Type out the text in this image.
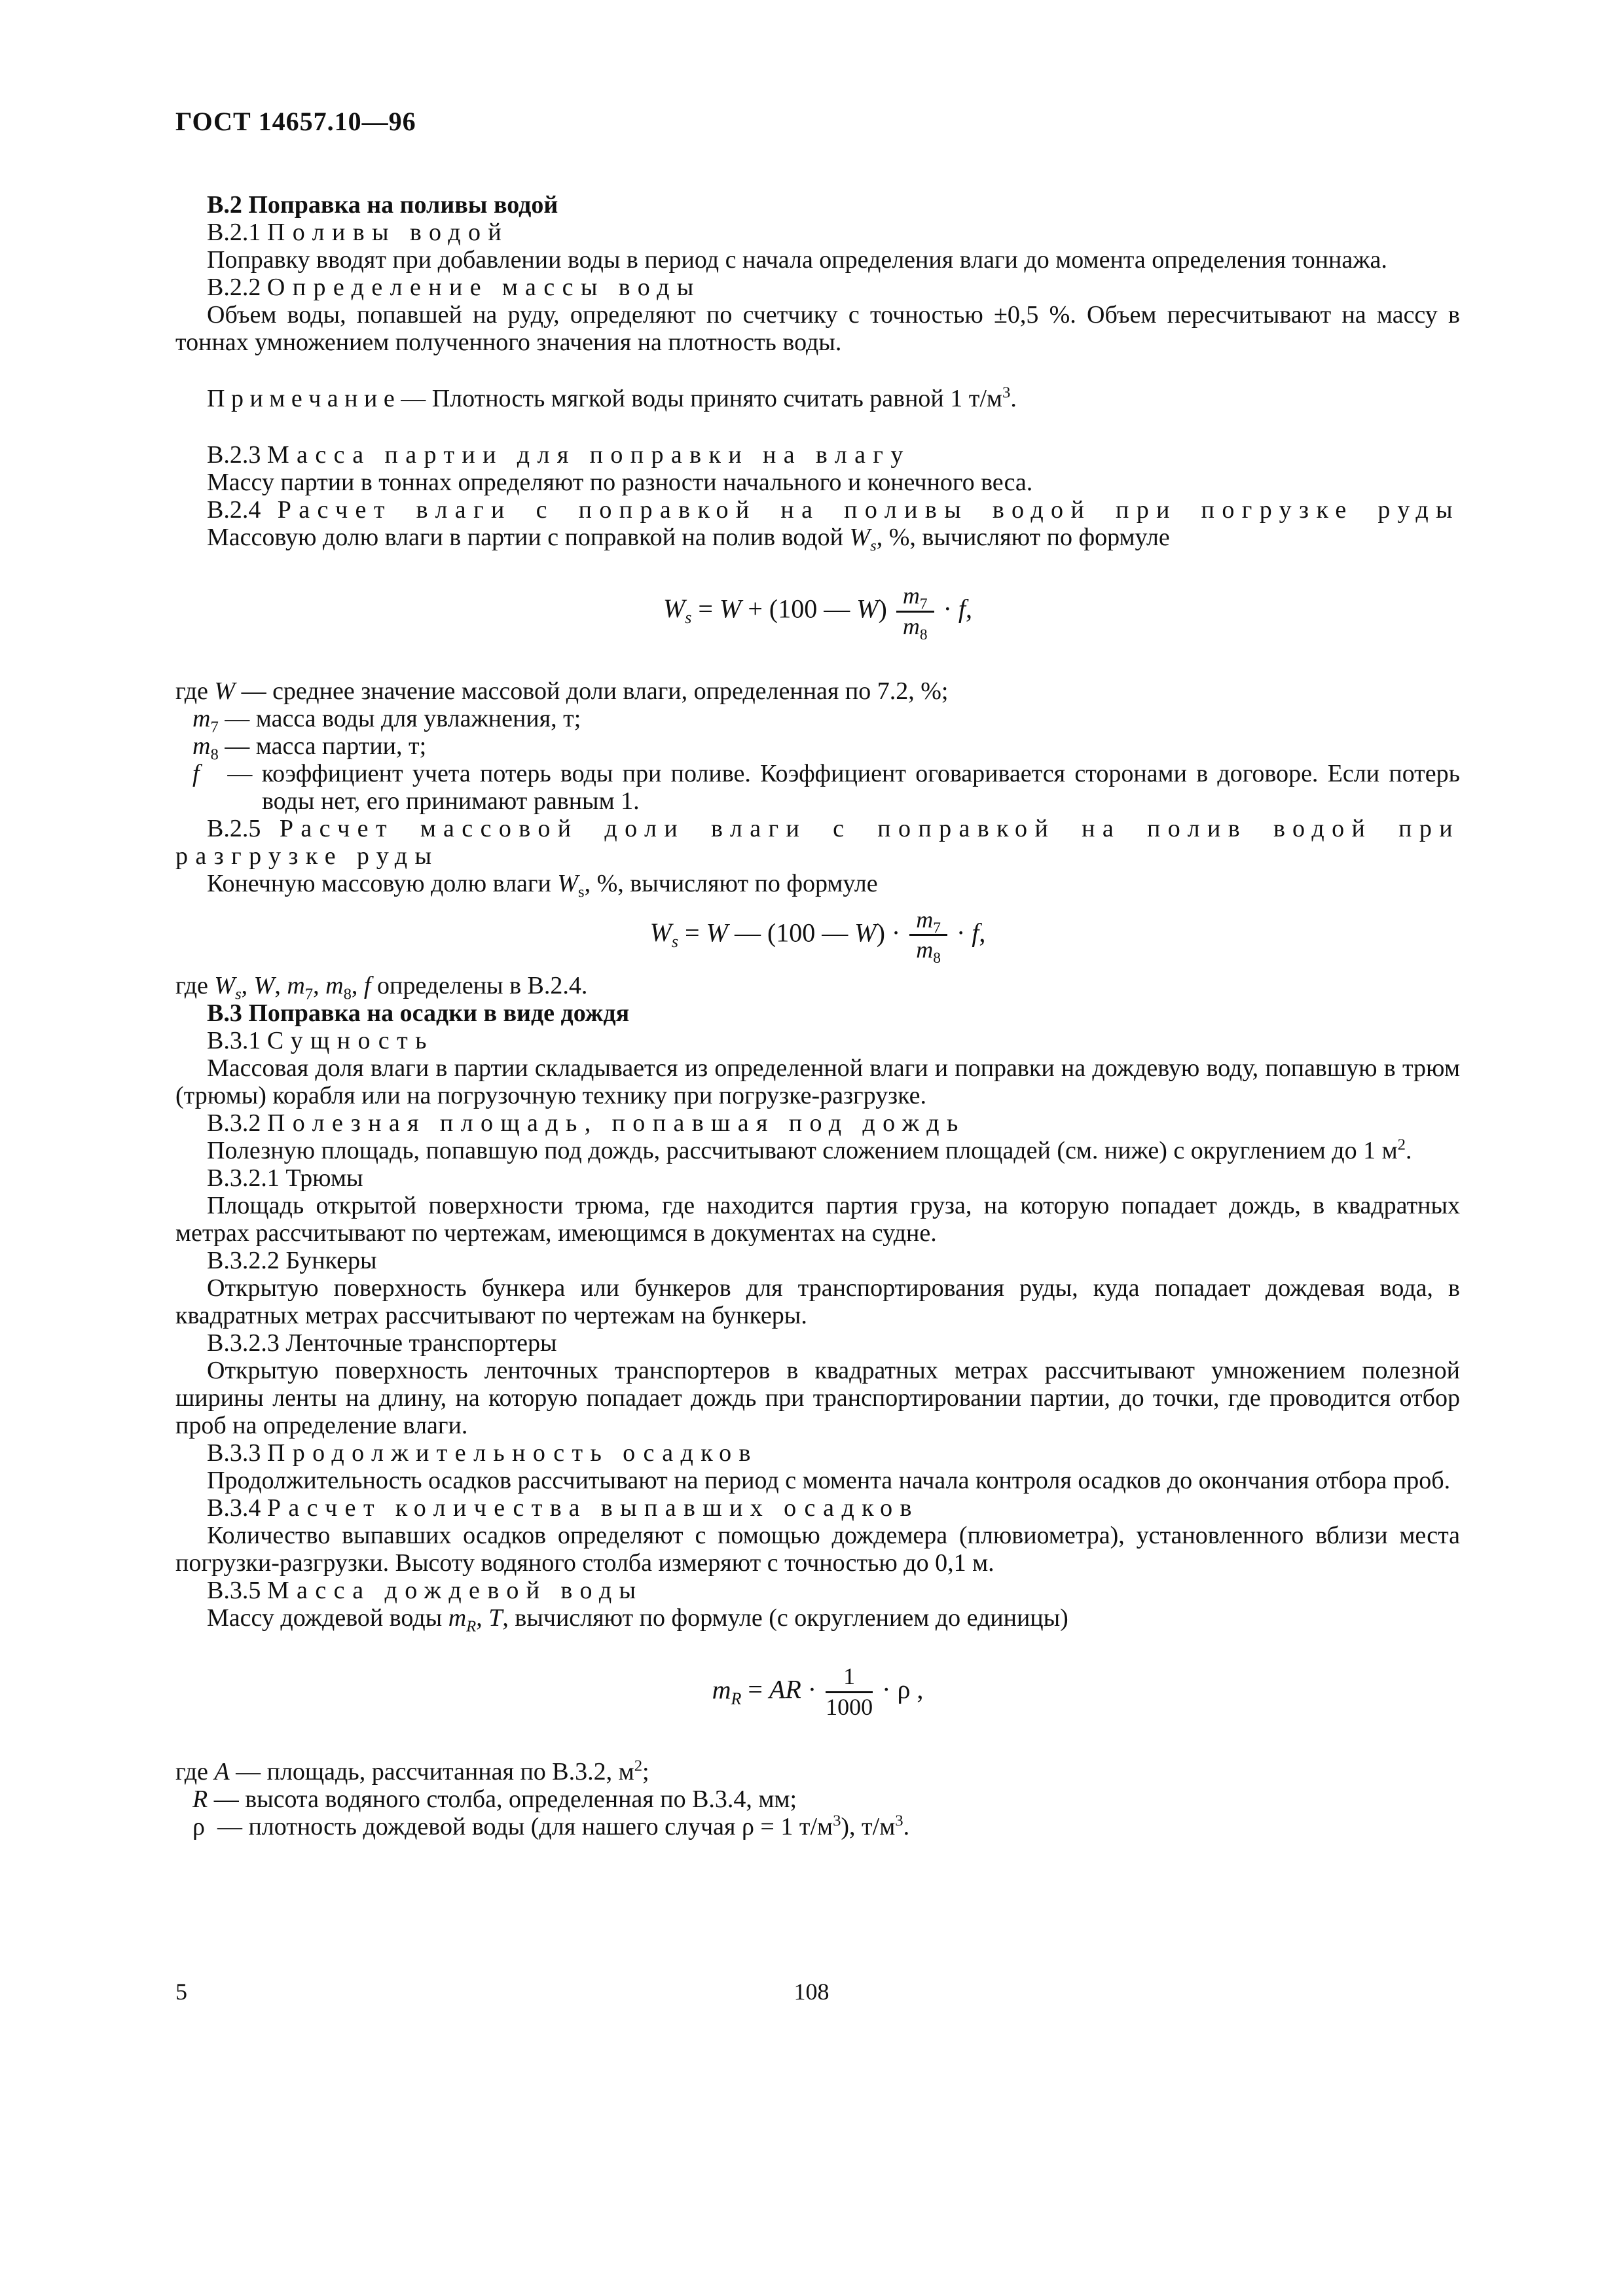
ГОСТ 14657.10—96
В.2 Поправка на поливы водой
В.2.1 Поливы водой
Поправку вводят при добавлении воды в период с начала определения влаги до момента определения тоннажа.
В.2.2 Определение массы воды
Объем воды, попавшей на руду, определяют по счетчику с точностью ±0,5 %. Объем пересчитывают на массу в тоннах умножением полученного значения на плотность воды.
П р и м е ч а н и е — Плотность мягкой воды принято считать равной 1 $т/м^3$.
В.2.3 Масса партии для поправки на влагу
Массу партии в тоннах определяют по разности начального и конечного веса.
В.2.4 Расчет влаги с поправкой на поливы водой при погрузке руды
Массовую долю влаги в партии с поправкой на полив водой $W_s$, %, вычисляют по формуле
$W_s = W + (100$ — $W) \frac{m_7}{m_8} \cdot f$,
где W — среднее значение массовой доли влаги, определенная по 7.2, %;
$m_7$ — масса воды для увлажнения, т;
$m_8$ — масса партии, т;
f   — коэффициент учета потерь воды при поливе. Коэффициент оговаривается сторонами в договоре. Если потерь воды нет, его принимают равным 1.
В.2.5 Расчет массовой доли влаги с поправкой на полив водой при разгрузке руды
Конечную массовую долю влаги $W_s$, %, вычисляют по формуле
$W_s = W$ — (100 — $W) \cdot \frac{m_7}{m_8} \cdot f$,
где $W_s$, W, $m_7$, $m_8$, f определены в В.2.4.
В.3 Поправка на осадки в виде дождя
В.3.1 Сущность
Массовая доля влаги в партии складывается из определенной влаги и поправки на дождевую воду, попавшую в трюм (трюмы) корабля или на погрузочную технику при погрузке-разгрузке.
В.3.2 Полезная площадь, попавшая под дождь
Полезную площадь, попавшую под дождь, рассчитывают сложением площадей (см. ниже) с округлением до 1 $м^2$.
В.3.2.1 Трюмы
Площадь открытой поверхности трюма, где находится партия груза, на которую попадает дождь, в квадратных метрах рассчитывают по чертежам, имеющимся в документах на судне.
В.3.2.2 Бункеры
Открытую поверхность бункера или бункеров для транспортирования руды, куда попадает дождевая вода, в квадратных метрах рассчитывают по чертежам на бункеры.
В.3.2.3 Ленточные транспортеры
Открытую поверхность ленточных транспортеров в квадратных метрах рассчитывают умножением полезной ширины ленты на длину, на которую попадает дождь при транспортировании партии, до точки, где проводится отбор проб на определение влаги.
В.3.3 Продолжительность осадков
Продолжительность осадков рассчитывают на период с момента начала контроля осадков до окончания отбора проб.
В.3.4 Расчет количества выпавших осадков
Количество выпавших осадков определяют с помощью дождемера (плювиометра), установленного вблизи места погрузки-разгрузки. Высоту водяного столба измеряют с точностью до 0,1 м.
В.3.5 Масса дождевой воды
Массу дождевой воды $m_R$, Т, вычисляют по формуле (с округлением до единицы)
$m_R$ = AR · $\frac{1}{1000} \cdot \rho$ ,
где A — площадь, рассчитанная по В.3.2, $м^2$;
R — высота водяного столба, определенная по В.3.4, мм;
ρ  — плотность дождевой воды (для нашего случая ρ = 1 $т/м^3$), $т/м^3$.
5	108
